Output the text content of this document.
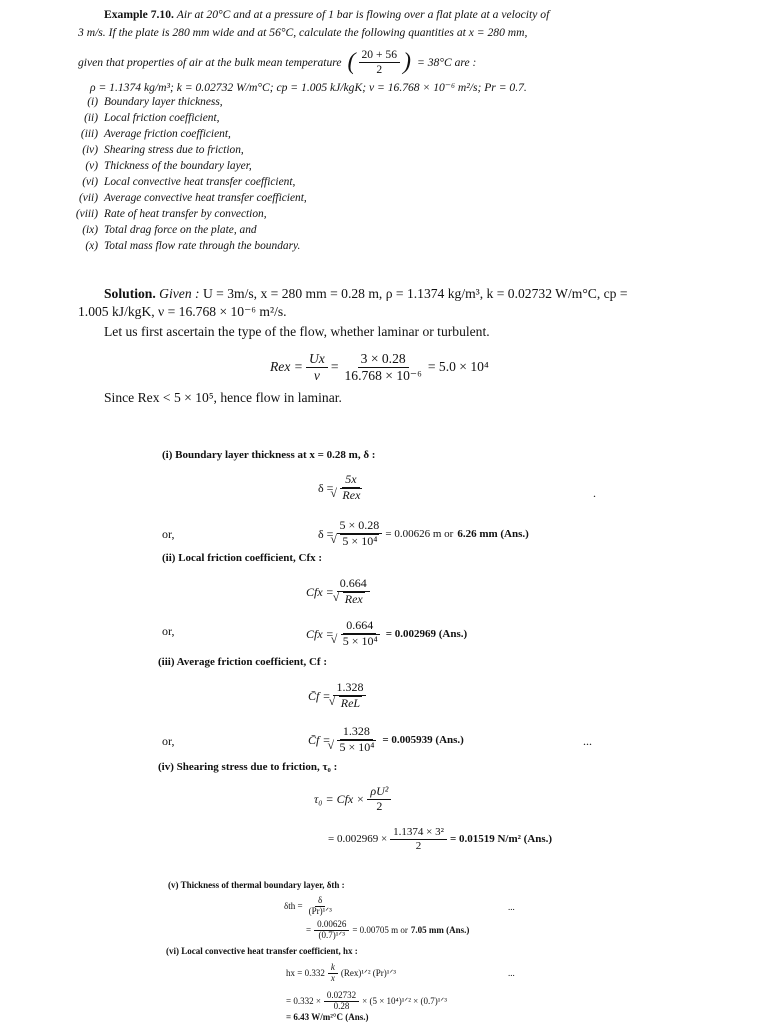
Example 7.10. Air at 20°C and at a pressure of 1 bar is flowing over a flat plate at a velocity of
3 m/s. If the plate is 280 mm wide and at 56°C, calculate the following quantities at x = 280 mm,
given that properties of air at the bulk mean temperature ( $\frac{20 + 56}{2}$ ) = 38°C are :
ρ = 1.1374 kg/m³; k = 0.02732 W/m°C; cp = 1.005 kJ/kgK; ν = 16.768 × 10⁻⁶ m²/s; Pr = 0.7.
(i) Boundary layer thickness,
(ii) Local friction coefficient,
(iii) Average friction coefficient,
(iv) Shearing stress due to friction,
(v) Thickness of the boundary layer,
(vi) Local convective heat transfer coefficient,
(vii) Average convective heat transfer coefficient,
(viii) Rate of heat transfer by convection,
(ix) Total drag force on the plate, and
(x) Total mass flow rate through the boundary.
Solution. Given : U = 3m/s, x = 280 mm = 0.28 m, ρ = 1.1374 kg/m³, k = 0.02732 W/m°C, cp =
1.005 kJ/kgK, ν = 16.768 × 10⁻⁶ m²/s.
Let us first ascertain the type of the flow, whether laminar or turbulent.
Rex = $\frac{Ux}{\nu} = \frac{3 \times 0.28}{\text{16.768 × 10⁻⁶}} = 5.0 \times 10^4$
Since Rex < 5 × 10⁵, hence flow in laminar.
(i) Boundary layer thickness at x = 0.28 m, δ :
δ = 5x
√ Rex	.
or,	δ = 5 × 0.28
√ 5 × 10⁴ = 0.00626 m or 6.26 mm (Ans.)
(ii) Local friction coefficient, Cfx :
Cfx = 0.664
√ Rex
or,	Cfx = 0.664
√ 5 × 10⁴ = 0.002969 (Ans.)
(iii) Average friction coefficient, Cf :
C̄f = 1.328
√ ReL
or,	C̄f = 1.328
√ 5 × 10⁴ = 0.005939 (Ans.)	...
(iv) Shearing stress due to friction, τ₀ :
τ₀ = Cfx × $\frac{\text{ρU²}}{2}$
= $0.002969 \times \frac{\text{1.1374 × 3²}}{2} = 0.01519$ N/m² (Ans.)
(v) Thickness of thermal boundary layer, δth :
$\delta th = \frac{\delta}{\text{(Pr)¹ᐟ³}}$	...
= $\frac{0.00626}{\text{(0.7)¹ᐟ³}} = 0.00705$ m or 7.05 mm (Ans.)
(vi) Local convective heat transfer coefficient, hx :
hx = $0.332 \frac{k}{x}$ (Rex)¹ᐟ² (Pr)¹ᐟ³	...
= $0.332 \times \frac{0.02732}{0.28} \times (5$ × 10⁴)¹ᐟ² × (0.7)¹ᐟ³
= 6.43 W/m²°C (Ans.)
